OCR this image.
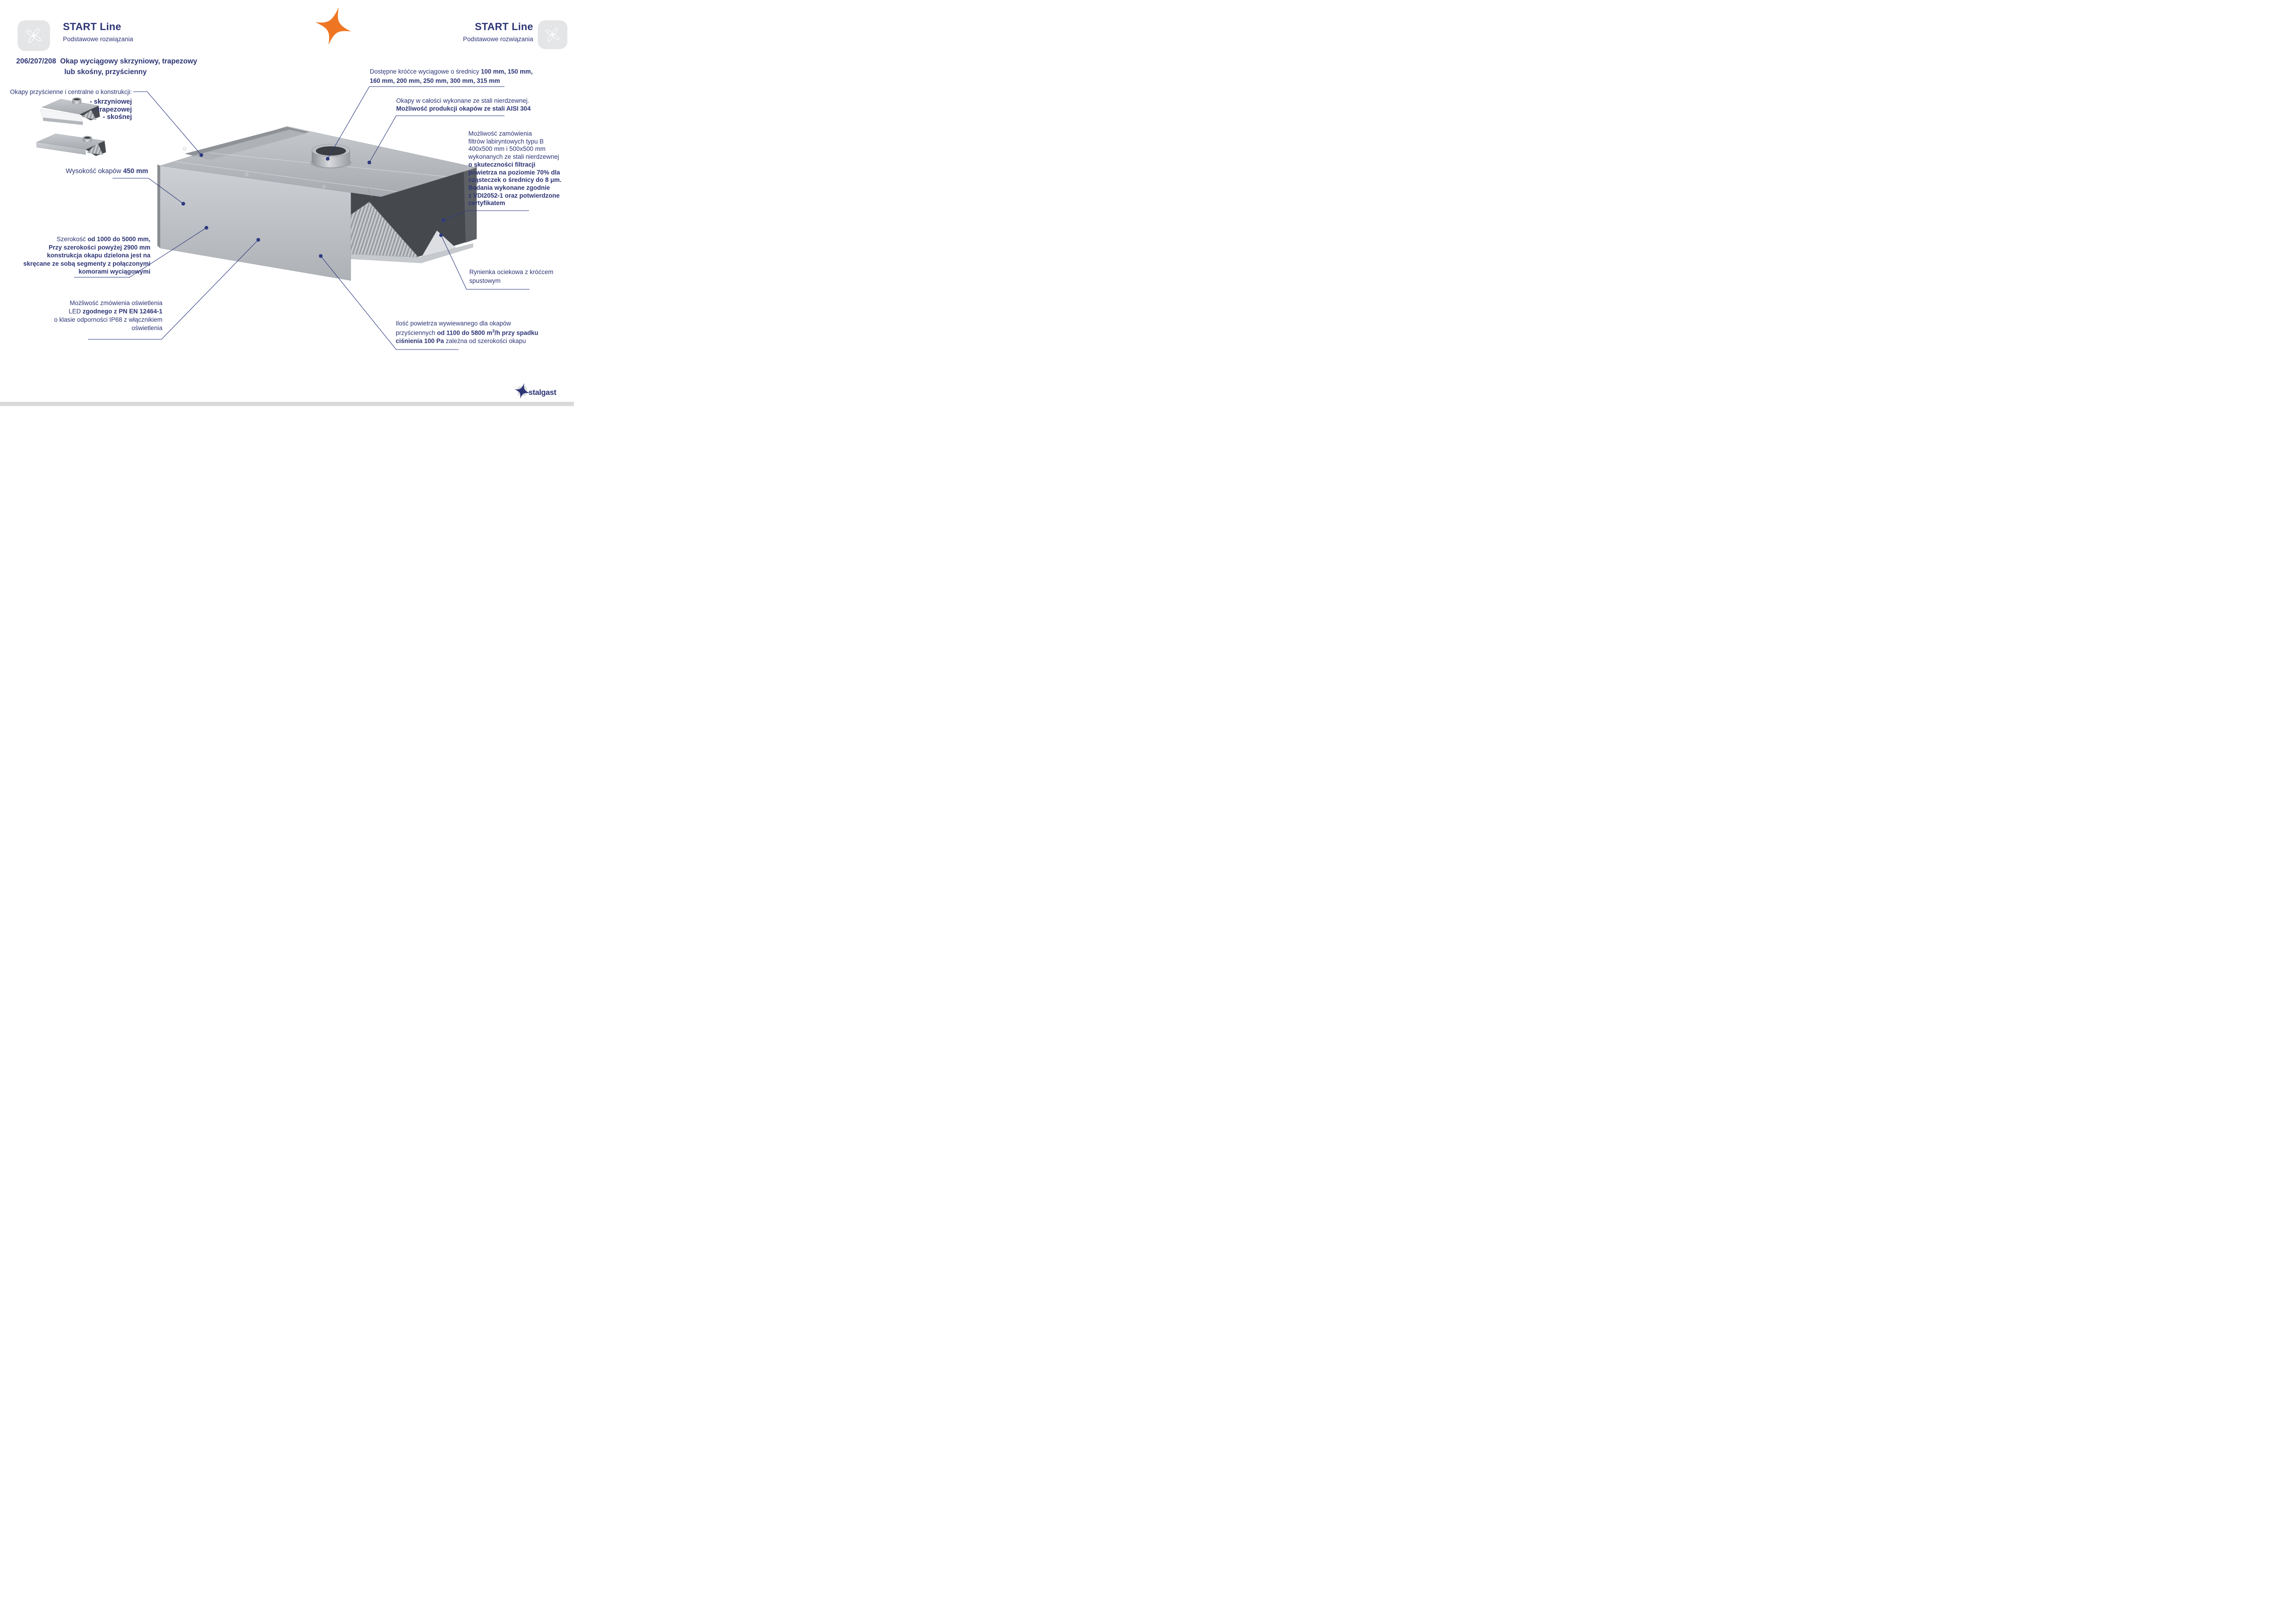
START Line
Podstawowe rozwiązania
START Line
Podstawowe rozwiązania
206/207/208 Okap wyciągowy skrzyniowy, trapezowy
lub skośny, przyścienny
Okapy przyścienne i centralne o konstrukcji:
- skrzyniowej
- trapezowej
- skośnej
Wysokość okapów 450 mm
Szerokość od 1000 do 5000 mm,
Przy szerokości powyżej 2900 mm
konstrukcja okapu dzielona jest na
skręcane ze sobą segmenty z połączonymi
komorami wyciągowymi
Możliwość zmówienia oświetlenia
LED zgodnego z PN EN 12464-1
o klasie odporności IP68 z włącznikiem
oświetlenia
Dostępne króćce wyciągowe o średnicy 100 mm, 150 mm,
160 mm, 200 mm, 250 mm, 300 mm, 315 mm
Okapy w całości wykonane ze stali nierdzewnej.
Możliwość produkcji okapów ze stali AISI 304
Możliwość zamówienia
filtrów labiryntowych typu B
400x500 mm i 500x500 mm
wykonanych ze stali nierdzewnej
o skuteczności filtracji
powietrza na poziomie 70% dla
cząsteczek o średnicy do 8 μm.
Badania wykonane zgodnie
z VDI2052-1 oraz potwierdzone
certyfikatem
Rynienka ociekowa z króćcem
spustowym
Ilość powietrza wywiewanego dla okapów
przyściennych od 1100 do 5800 $m^3/h$ przy spadku
ciśnienia 100 Pa zależna od szerokości okapu
stalgast
